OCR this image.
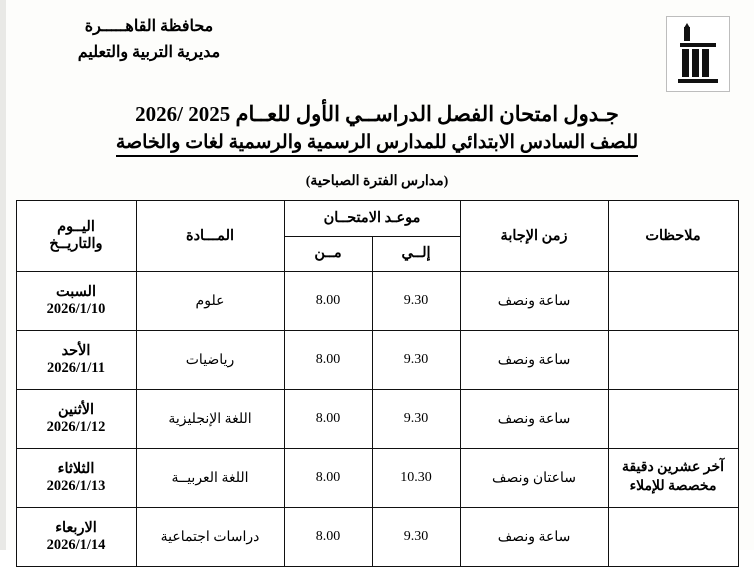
محافظة القاهـــــرة
مديرية التربية والتعليم
جـدول امتحان الفصل الدراســي الأول للعــام 2025 /2026
للصف السادس الابتدائي للمدارس الرسمية والرسمية لغات والخاصة
(مدارس الفترة الصباحية)
ملاحظات	زمن الإجابة	موعـد الامتحــان		المـــادة	اليــوم
والتاريــخ

		إلــي	مــن		
	ساعة ونصف	9.30	8.00	علوم	السبت
2026/1/10

	ساعة ونصف	9.30	8.00	رياضيات	الأحد
2026/1/11

	ساعة ونصف	9.30	8.00	اللغة الإنجليزية	الأثنين
2026/1/12

آخر عشرين دقيقة مخصصة للإملاء	ساعتان ونصف	10.30	8.00	اللغة العربيــة	الثلاثاء
2026/1/13

	ساعة ونصف	9.30	8.00	دراسات اجتماعية	الاربعاء
2026/1/14
